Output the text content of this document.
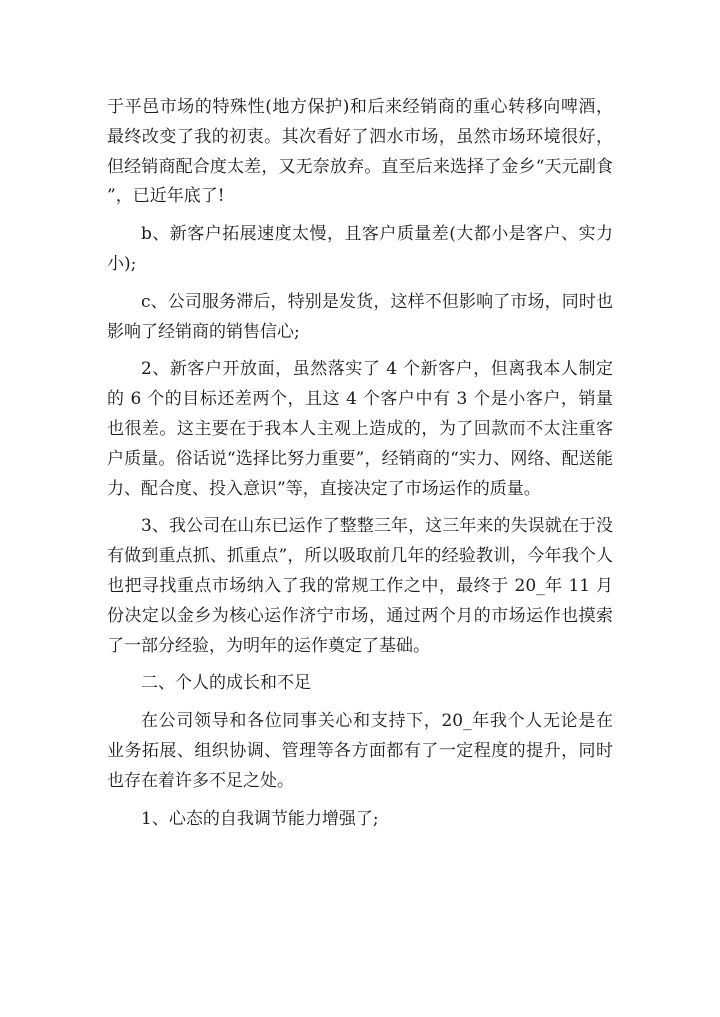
于平邑市场的特殊性(地方保护)和后来经销商的重心转移向啤酒，最终改变了我的初衷。其次看好了泗水市场，虽然市场环境很好，但经销商配合度太差，又无奈放弃。直至后来选择了金乡“天元副食”，已近年底了!

b、新客户拓展速度太慢，且客户质量差(大都小是客户、实力小);

c、公司服务滞后，特别是发货，这样不但影响了市场，同时也影响了经销商的销售信心;

2、新客户开放面，虽然落实了 4 个新客户，但离我本人制定的 6 个的目标还差两个，且这 4 个客户中有 3 个是小客户，销量也很差。这主要在于我本人主观上造成的，为了回款而不太注重客户质量。俗话说“选择比努力重要”，经销商的“实力、网络、配送能力、配合度、投入意识”等，直接决定了市场运作的质量。

3、我公司在山东已运作了整整三年，这三年来的失误就在于没有做到重点抓、抓重点”，所以吸取前几年的经验教训，今年我个人也把寻找重点市场纳入了我的常规工作之中，最终于 20_年 11 月份决定以金乡为核心运作济宁市场，通过两个月的市场运作也摸索了一部分经验，为明年的运作奠定了基础。

二、个人的成长和不足

在公司领导和各位同事关心和支持下，20_年我个人无论是在业务拓展、组织协调、管理等各方面都有了一定程度的提升，同时也存在着许多不足之处。

1、心态的自我调节能力增强了;
